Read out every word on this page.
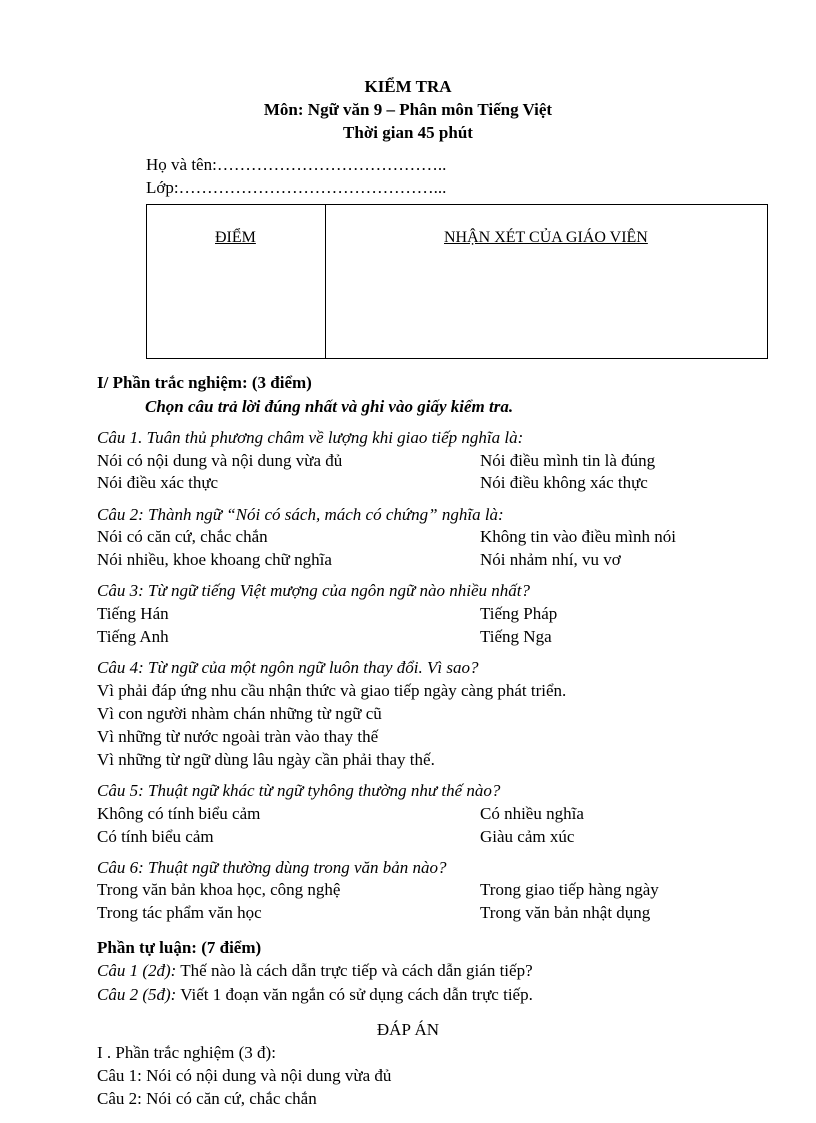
KIỂM TRA
Môn: Ngữ văn 9 – Phân môn Tiếng Việt
Thời gian 45 phút
Họ và tên:…………………………………..
Lớp:………………………………………...
ĐIỂM	NHẬN XÉT CỦA GIÁO VIÊN
I/ Phần trắc nghiệm: (3 điểm)
Chọn câu trả lời đúng nhất và ghi vào giấy kiểm tra.
Câu 1. Tuân thủ phương châm về lượng khi giao tiếp nghĩa là:
Nói có nội dung và nội dung vừa đủ	Nói điều mình tin là đúng
Nói điều xác thực	Nói điều không xác thực
Câu 2: Thành ngữ “Nói có sách, mách có chứng” nghĩa là:
Nói có căn cứ, chắc chắn	Không tin vào điều mình nói
Nói nhiều, khoe khoang chữ nghĩa	Nói nhảm nhí, vu vơ
Câu 3: Từ ngữ tiếng Việt mượng của ngôn ngữ nào nhiều nhất?
Tiếng Hán	Tiếng Pháp
Tiếng Anh	Tiếng Nga
Câu 4: Từ ngữ của một ngôn ngữ luôn thay đổi. Vì sao?
Vì phải đáp ứng nhu cầu nhận thức và giao tiếp ngày càng phát triển.
Vì con người nhàm chán những từ ngữ cũ
Vì những từ nước ngoài tràn vào thay thế
Vì những từ ngữ dùng lâu ngày cần phải thay thế.
Câu 5: Thuật ngữ khác từ ngữ tyhông thường như thế nào?
Không có tính biểu cảm	Có nhiều nghĩa
Có tính biểu cảm	Giàu cảm xúc
Câu 6: Thuật ngữ thường dùng trong văn bản nào?
Trong văn bản khoa học, công nghệ	Trong giao tiếp hàng ngày
Trong tác phẩm văn học	Trong văn bản nhật dụng
Phần tự luận: (7 điểm)
Câu 1 (2đ): Thế nào là cách dẫn trực tiếp và cách dẫn gián tiếp?
Câu 2 (5đ): Viết 1 đoạn văn ngắn có sử dụng cách dẫn trực tiếp.
ĐÁP ÁN
I . Phần trắc nghiệm (3 đ):
Câu 1: Nói có nội dung và nội dung vừa đủ
Câu 2: Nói có căn cứ, chắc chắn
